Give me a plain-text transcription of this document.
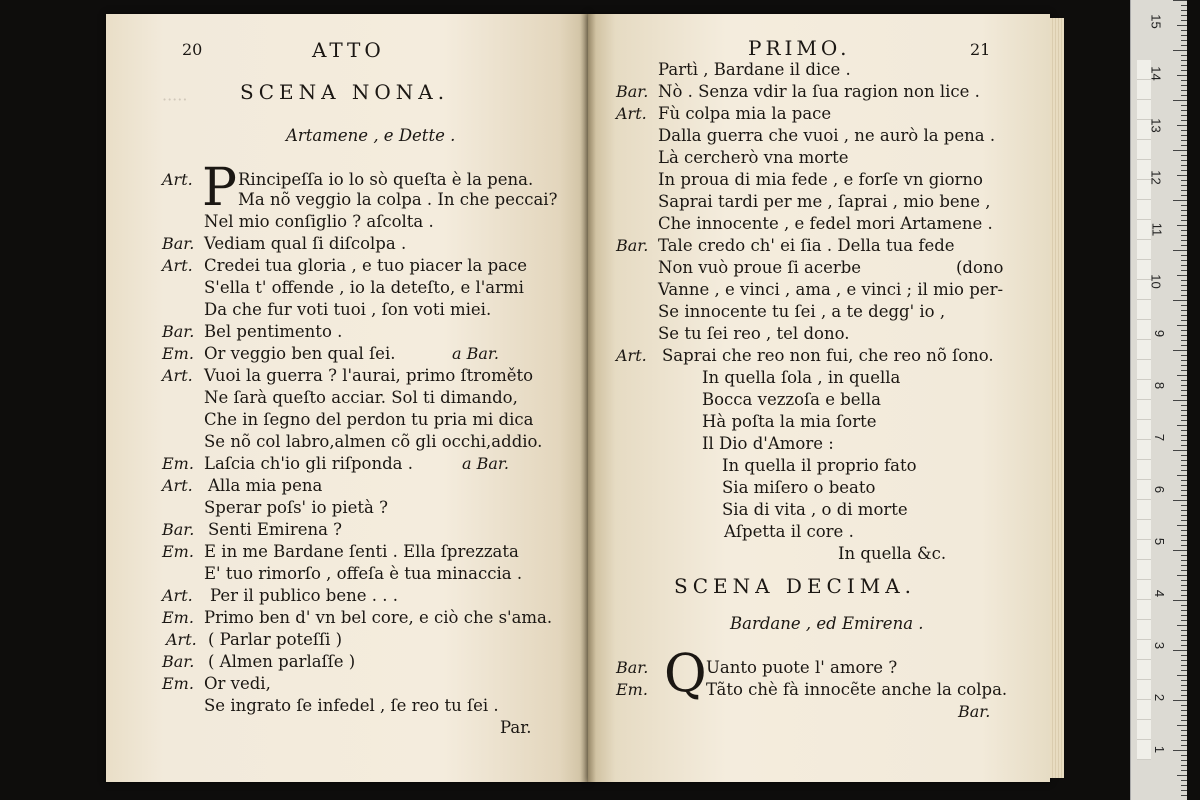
20	ATTO
·····	SCENA NONA.
Artamene , e Dette .
P
Art.	Rincipeſſa io lo sò queſta è la pena.
Ma nõ veggio la colpa . In che peccai?
Nel mio conſiglio ? aſcolta .
Bar. Vediam qual ſi diſcolpa .
Art. Credei tua gloria , e tuo piacer la pace
S'ella t' offende , io la deteſto, e l'armi
Da che fur voti tuoi , ſon voti miei.
Bar. Bel pentimento .
Em. Or veggio ben qual ſei.	a Bar.
Art. Vuoi la guerra ? l'aurai, primo ſtroměto
Ne ſarà queſto acciar. Sol ti dimando,
Che in ſegno del perdon tu pria mi dica
Se nõ col labro,almen cõ gli occhi,addio.
Em. Laſcia ch'io gli riſponda .	a Bar.
Art. Alla mia pena
Sperar poſs' io pietà ?
Bar. Senti Emirena ?
Em. E in me Bardane ſenti . Ella ſprezzata
E' tuo rimorſo , offeſa è tua minaccia .
Art. Per il publico bene . . .
Em. Primo ben d' vn bel core, e ciò che s'ama.
Art. ( Parlar poteſſi )
Bar. ( Almen parlaſſe )
Em. Or vedi,
Se ingrato ſe infedel , ſe reo tu ſei .
Par.
PRIMO.	21
Partì , Bardane il dice .
Bar. Nò . Senza vdir la ſua ragion non lice .
Art. Fù colpa mia la pace
Dalla guerra che vuoi , ne aurò la pena .
Là cercherò vna morte
In proua di mia fede , e forſe vn giorno
Saprai tardi per me , ſaprai , mio bene ,
Che innocente , e fedel mori Artamene .
Bar. Tale credo ch' ei ſia . Della tua fede
Non vuò proue ſi acerbe	(dono
Vanne , e vinci , ama , e vinci ; il mio per-
Se innocente tu ſei , a te degg' io ,
Se tu ſei reo , tel dono.
Art. Saprai che reo non fui, che reo nõ ſono.
In quella ſola , in quella
Bocca vezzoſa e bella
Hà poſta la mia ſorte
Il Dio d'Amore :
In quella il proprio fato
Sia miſero o beato
Sia di vita , o di morte
Aſpetta il core .
In quella &c.
SCENA DECIMA.
Bardane , ed Emirena .
Q
Bar.	Uanto puote l' amore ?
Em.	Tãto chè fà innocẽte anche la colpa.
Bar.
15
14
13
12
11
10
9
8
7
6
5
4
3
2
1
